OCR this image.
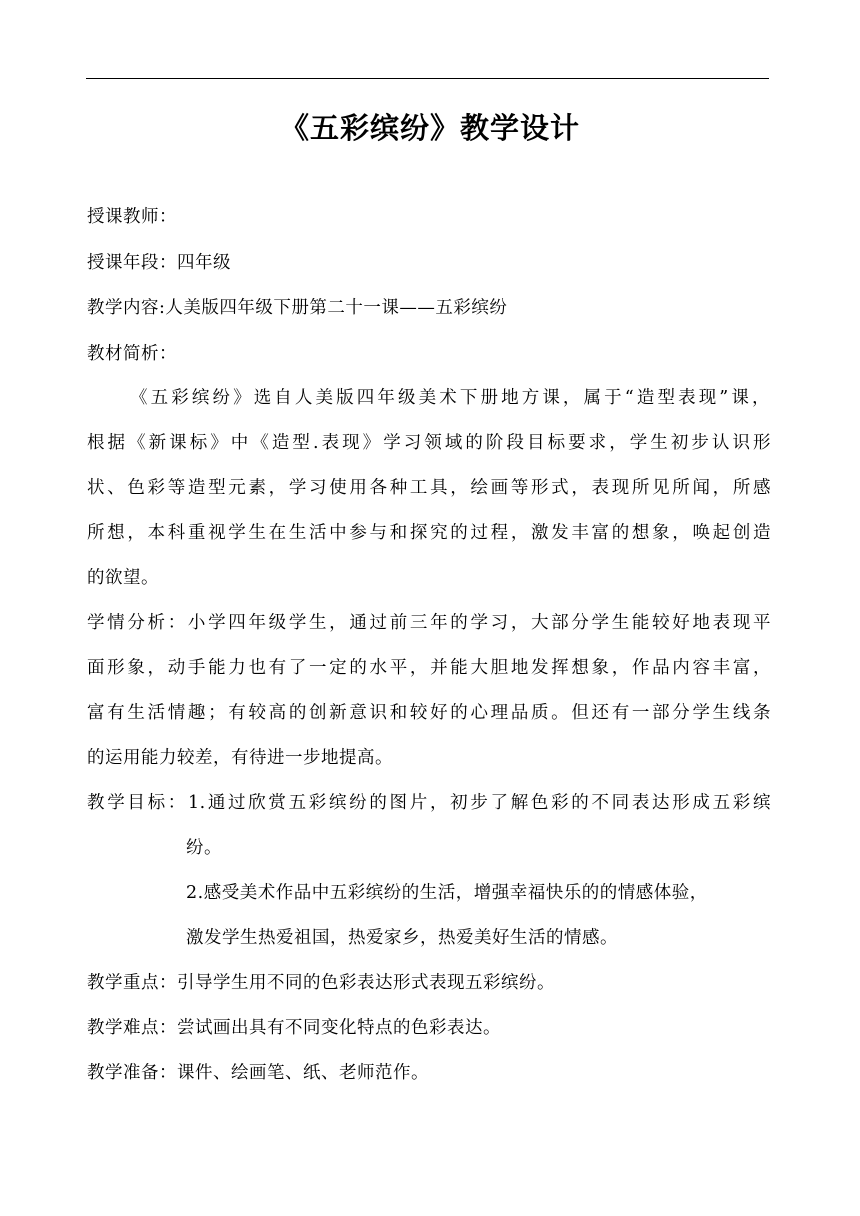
《五彩缤纷》教学设计
授课教师：
授课年段：四年级
教学内容:人美版四年级下册第二十一课——五彩缤纷
教材简析：
《五彩缤纷》选自人美版四年级美术下册地方课，属于“造型表现”课，
根据《新课标》中《造型.表现》学习领域的阶段目标要求，学生初步认识形
状、色彩等造型元素，学习使用各种工具，绘画等形式，表现所见所闻，所感
所想，本科重视学生在生活中参与和探究的过程，激发丰富的想象，唤起创造
的欲望。
学情分析：小学四年级学生，通过前三年的学习，大部分学生能较好地表现平
面形象，动手能力也有了一定的水平，并能大胆地发挥想象，作品内容丰富，
富有生活情趣；有较高的创新意识和较好的心理品质。但还有一部分学生线条
的运用能力较差，有待进一步地提高。
教学目标：1.通过欣赏五彩缤纷的图片，初步了解色彩的不同表达形成五彩缤
纷。
2.感受美术作品中五彩缤纷的生活，增强幸福快乐的的情感体验，
激发学生热爱祖国，热爱家乡，热爱美好生活的情感。
教学重点：引导学生用不同的色彩表达形式表现五彩缤纷。
教学难点：尝试画出具有不同变化特点的色彩表达。
教学准备：课件、绘画笔、纸、老师范作。
